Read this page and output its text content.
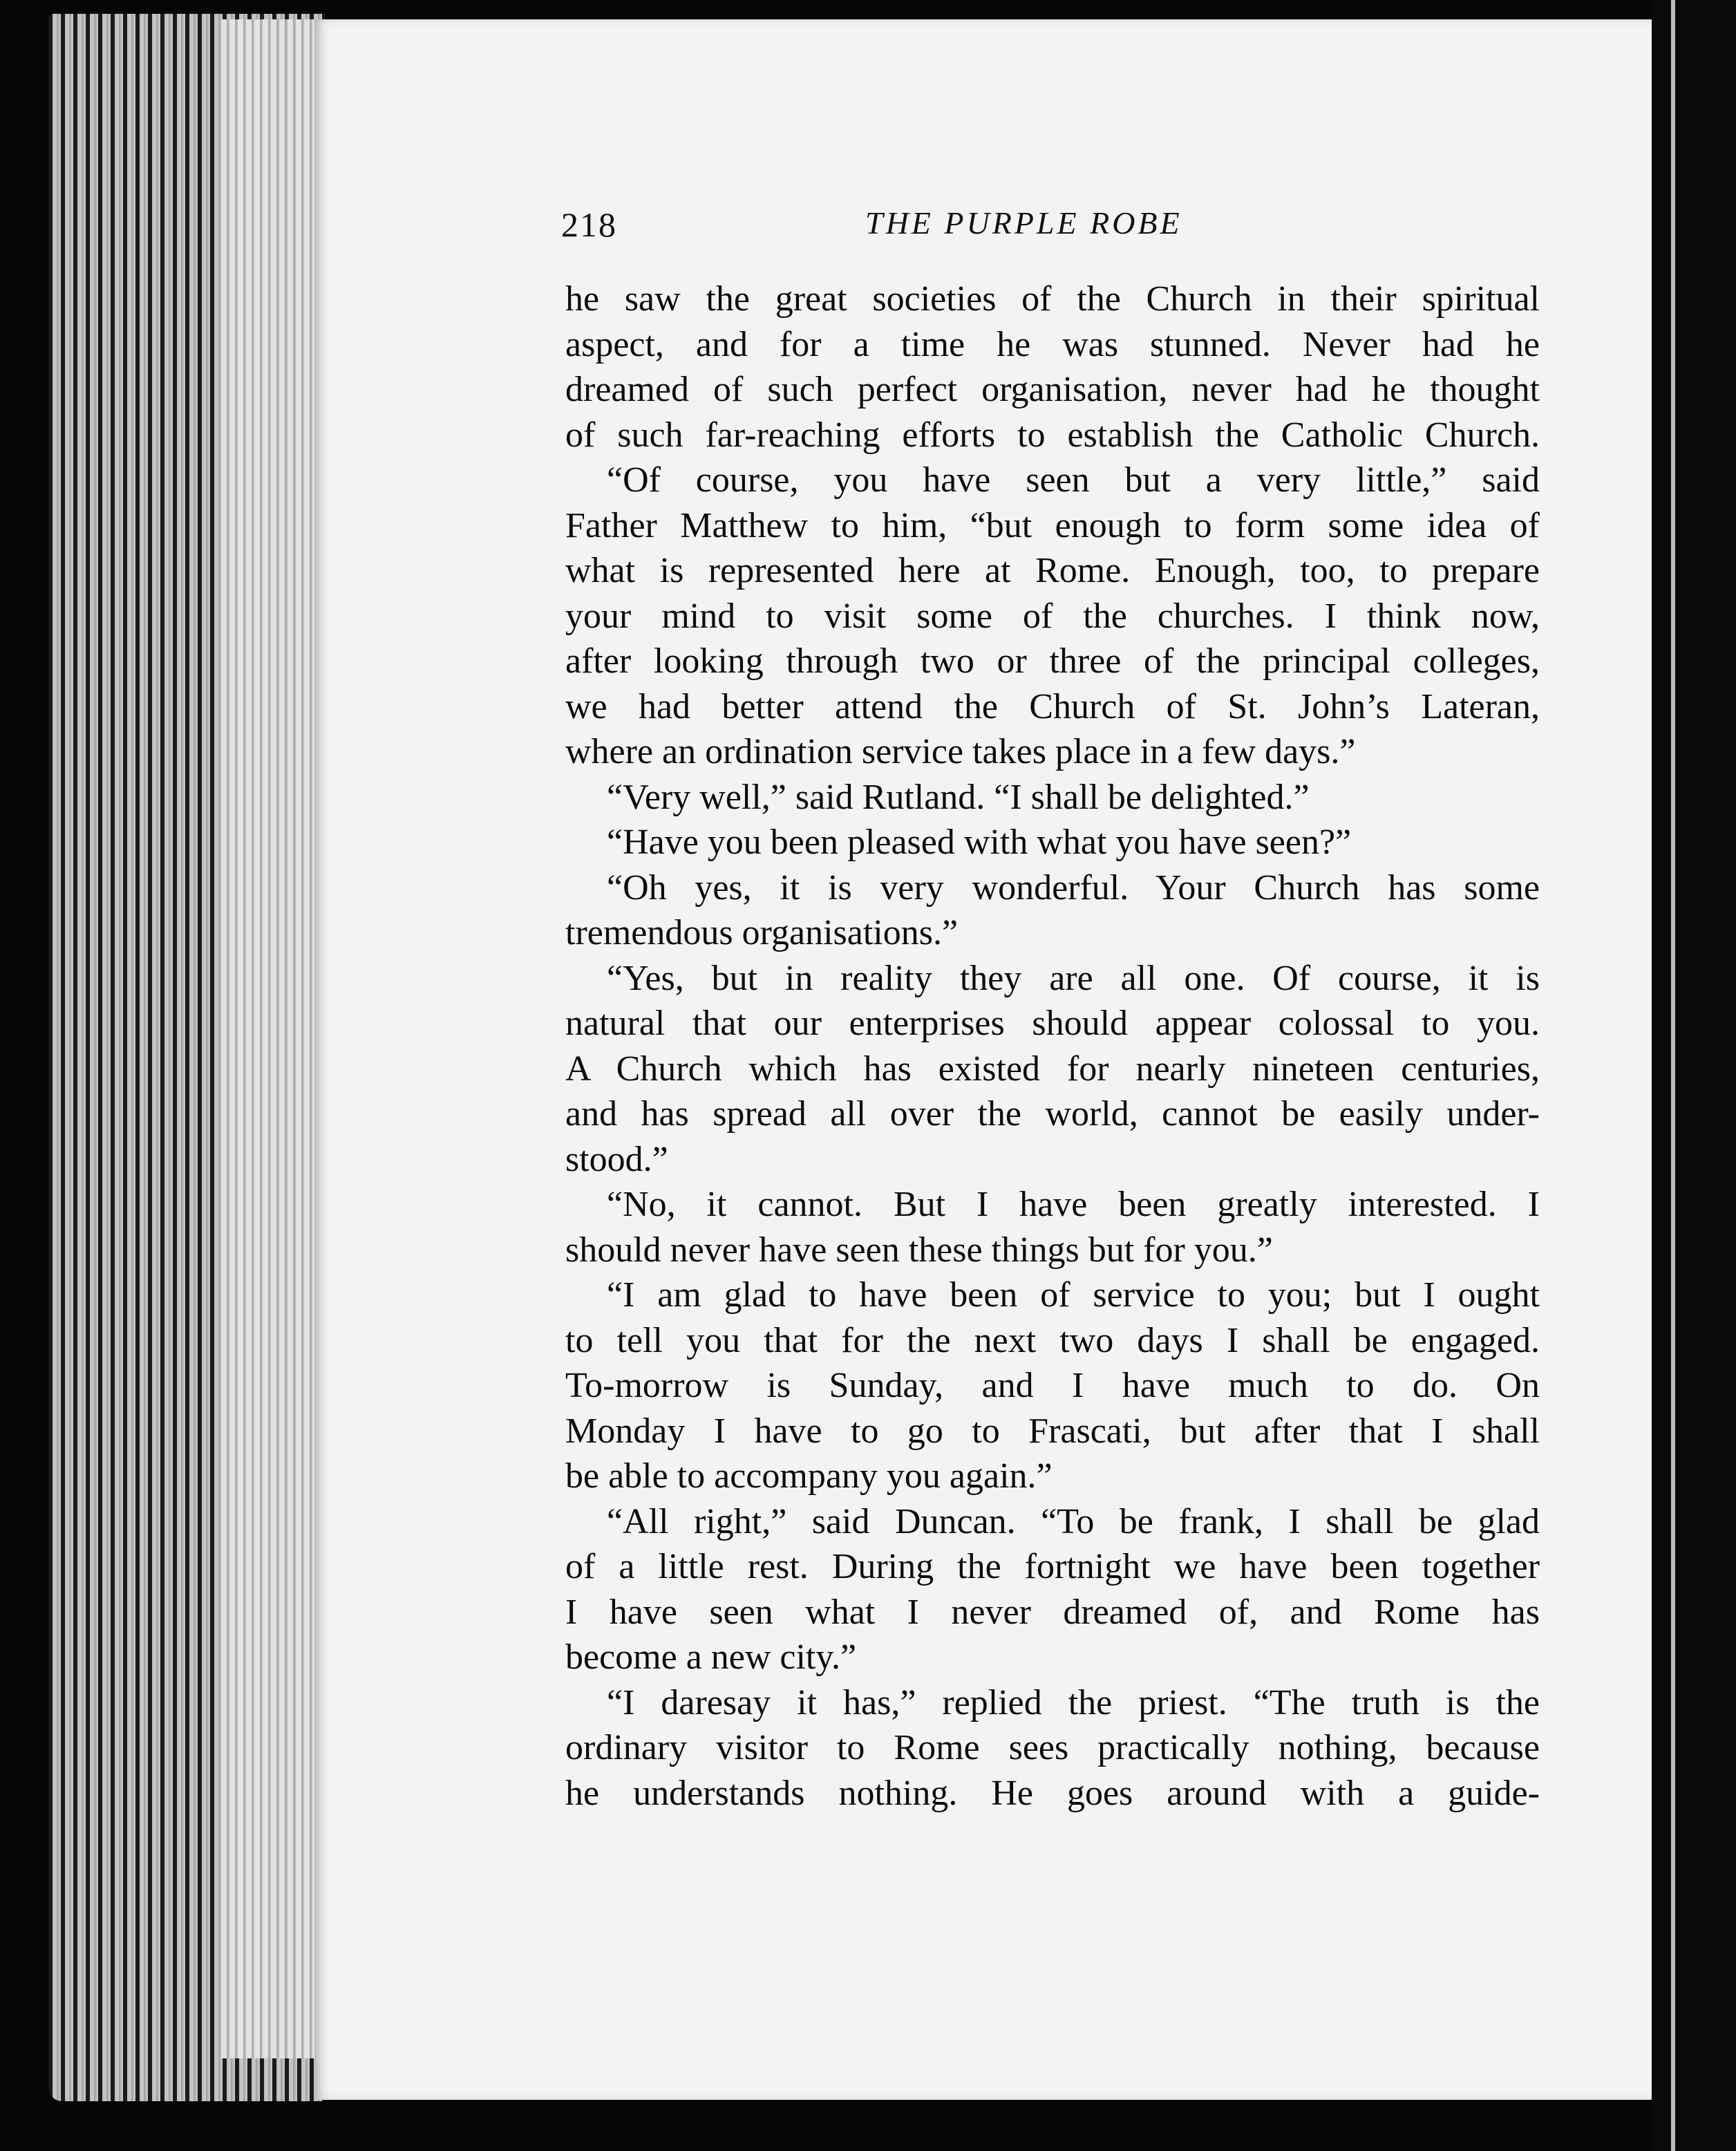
218	THE PURPLE ROBE
he saw the great societies of the Church in their spiritual
aspect, and for a time he was stunned. Never had he
dreamed of such perfect organisation, never had he thought
of such far-reaching efforts to establish the Catholic Church.
“Of course, you have seen but a very little,” said
Father Matthew to him, “but enough to form some idea of
what is represented here at Rome. Enough, too, to prepare
your mind to visit some of the churches. I think now,
after looking through two or three of the principal colleges,
we had better attend the Church of St. John’s Lateran,
where an ordination service takes place in a few days.”
“Very well,” said Rutland. “I shall be delighted.”
“Have you been pleased with what you have seen?”
“Oh yes, it is very wonderful. Your Church has some
tremendous organisations.”
“Yes, but in reality they are all one. Of course, it is
natural that our enterprises should appear colossal to you.
A Church which has existed for nearly nineteen centuries,
and has spread all over the world, cannot be easily under-
stood.”
“No, it cannot. But I have been greatly interested. I
should never have seen these things but for you.”
“I am glad to have been of service to you; but I ought
to tell you that for the next two days I shall be engaged.
To-morrow is Sunday, and I have much to do. On
Monday I have to go to Frascati, but after that I shall
be able to accompany you again.”
“All right,” said Duncan. “To be frank, I shall be glad
of a little rest. During the fortnight we have been together
I have seen what I never dreamed of, and Rome has
become a new city.”
“I daresay it has,” replied the priest. “The truth is the
ordinary visitor to Rome sees practically nothing, because
he understands nothing. He goes around with a guide-
